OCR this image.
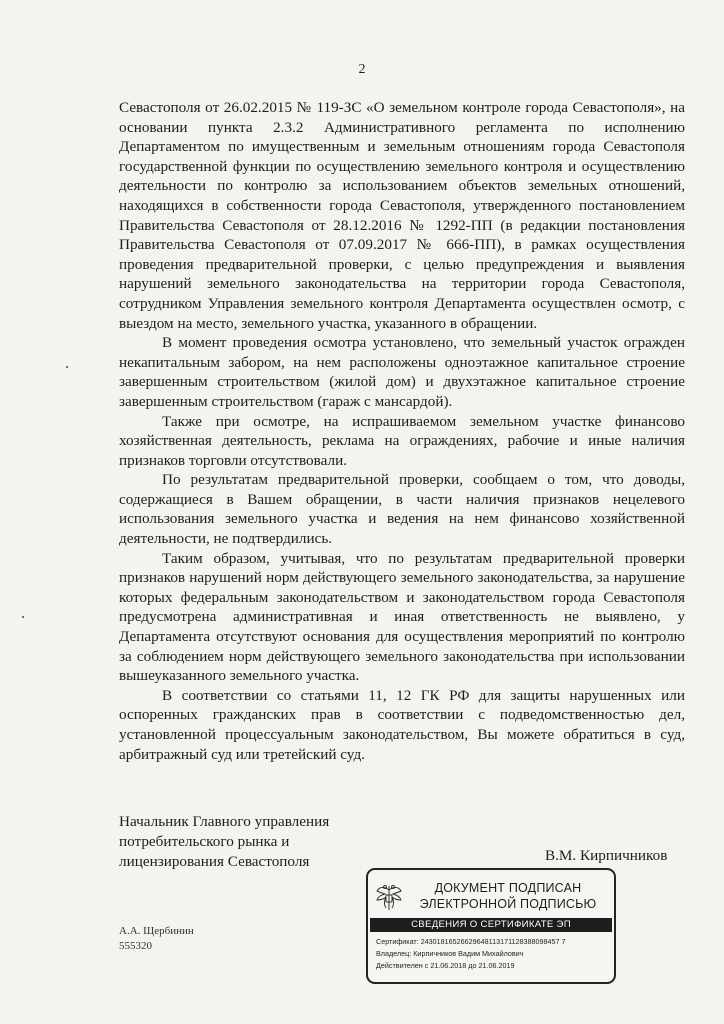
2

Севастополя от 26.02.2015 № 119-ЗС «О земельном контроле города Севастополя», на основании пункта 2.3.2 Административного регламента по исполнению Департаментом по имущественным и земельным отношениям города Севастополя государственной функции по осуществлению земельного контроля и осуществлению деятельности по контролю за использованием объектов земельных отношений, находящихся в собственности города Севастополя, утвержденного постановлением Правительства Севастополя от 28.12.2016 № 1292-ПП (в редакции постановления Правительства Севастополя от 07.09.2017 № 666-ПП), в рамках осуществления проведения предварительной проверки, с целью предупреждения и выявления нарушений земельного законодательства на территории города Севастополя, сотрудником Управления земельного контроля Департамента осуществлен осмотр, с выездом на место, земельного участка, указанного в обращении.

В момент проведения осмотра установлено, что земельный участок огражден некапитальным забором, на нем расположены одноэтажное капитальное строение завершенным строительством (жилой дом) и двухэтажное капитальное строение завершенным строительством (гараж с мансардой).

Также при осмотре, на испрашиваемом земельном участке финансово хозяйственная деятельность, реклама на ограждениях, рабочие и иные наличия признаков торговли отсутствовали.

По результатам предварительной проверки, сообщаем о том, что доводы, содержащиеся в Вашем обращении, в части наличия признаков нецелевого использования земельного участка и ведения на нем финансово хозяйственной деятельности, не подтвердились.

Таким образом, учитывая, что по результатам предварительной проверки признаков нарушений норм действующего земельного законодательства, за нарушение которых федеральным законодательством и законодательством города Севастополя предусмотрена административная и иная ответственность не выявлено, у Департамента отсутствуют основания для осуществления мероприятий по контролю за соблюдением норм действующего земельного законодательства при использовании вышеуказанного земельного участка.

В соответствии со статьями 11, 12 ГК РФ для защиты нарушенных или оспоренных гражданских прав в соответствии с подведомственностью дел, установленной процессуальным законодательством, Вы можете обратиться в суд, арбитражный суд или третейский суд.

Начальник Главного управления
потребительского рынка и
лицензирования Севастополя	В.М. Кирпичников
А.А. Щербинин
555320
ДОКУМЕНТ ПОДПИСАН
ЭЛЕКТРОННОЙ ПОДПИСЬЮ
СВЕДЕНИЯ О СЕРТИФИКАТЕ ЭП
Сертификат: 24301816526629648113171128388098457 7
Владелец: Кирпичников Вадим Михайлович
Действителен с 21.06.2018 до 21.06.2019
